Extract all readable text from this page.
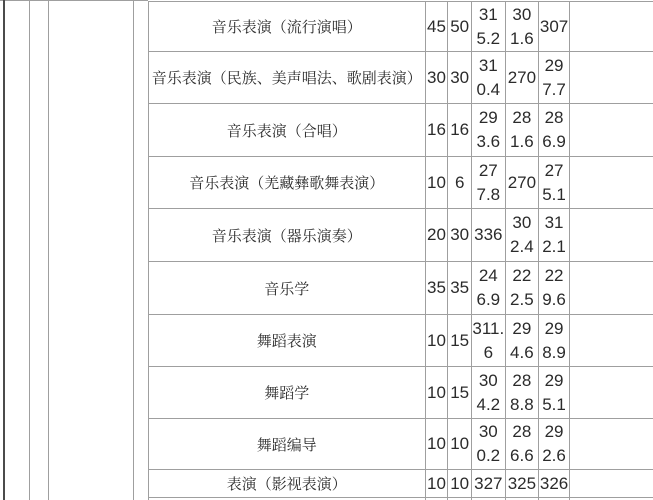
音乐表演（流行演唱）	45	50	315.2	301.6	307	
音乐表演（民族、美声唱法、歌剧表演）	30	30	310.4	270	297.7	
音乐表演（合唱）	16	16	293.6	281.6	286.9	
音乐表演（羌藏彝歌舞表演）	10	6	277.8	270	275.1	
音乐表演（器乐演奏）	20	30	336	302.4	312.1	
音乐学	35	35	246.9	222.5	229.6	
舞蹈表演	10	15	311.6	294.6	298.9	
舞蹈学	10	15	304.2	288.8	295.1	
舞蹈编导	10	10	300.2	286.6	292.6	
表演（影视表演）	10	10	327	325	326	
